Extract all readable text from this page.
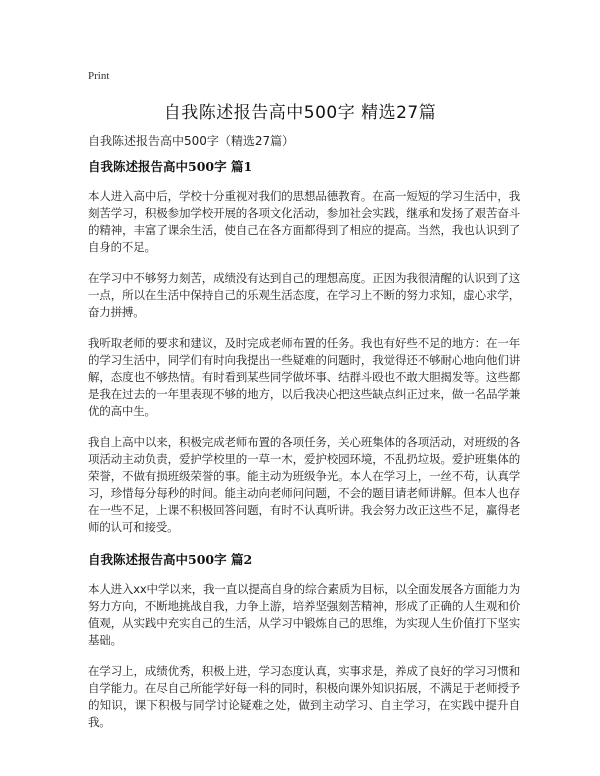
Print
自我陈述报告高中500字 精选27篇
自我陈述报告高中500字（精选27篇）
自我陈述报告高中500字 篇1

本人进入高中后，学校十分重视对我们的思想品德教育。在高一短短的学习生活中，我刻苦学习，积极参加学校开展的各项文化活动，参加社会实践，继承和发扬了艰苦奋斗的精神，丰富了课余生活，使自己在各方面都得到了相应的提高。当然，我也认识到了自身的不足。

在学习中不够努力刻苦，成绩没有达到自己的理想高度。正因为我很清醒的认识到了这一点，所以在生活中保持自己的乐观生活态度，在学习上不断的努力求知，虚心求学，奋力拼搏。

我听取老师的要求和建议，及时完成老师布置的任务。我也有好些不足的地方：在一年的学习生活中，同学们有时向我提出一些疑难的问题时，我觉得还不够耐心地向他们讲解，态度也不够热情。有时看到某些同学做坏事、结群斗殴也不敢大胆揭发等。这些都是我在过去的一年里表现不够的地方，以后我决心把这些缺点纠正过来，做一名品学兼优的高中生。

我自上高中以来，积极完成老师布置的各项任务，关心班集体的各项活动，对班级的各项活动主动负责，爱护学校里的一草一木，爱护校园环境，不乱扔垃圾。爱护班集体的荣誉，不做有损班级荣誉的事。能主动为班级争光。本人在学习上，一丝不苟，认真学习，珍惜每分每秒的时间。能主动向老师问问题，不会的题目请老师讲解。但本人也存在一些不足，上课不积极回答问题，有时不认真听讲。我会努力改正这些不足，赢得老师的认可和接受。

自我陈述报告高中500字 篇2

本人进入xx中学以来，我一直以提高自身的综合素质为目标，以全面发展各方面能力为努力方向，不断地挑战自我，力争上游，培养坚强刻苦精神，形成了正确的人生观和价值观，从实践中充实自己的生活，从学习中锻炼自己的思维，为实现人生价值打下坚实基础。

在学习上，成绩优秀，积极上进，学习态度认真，实事求是，养成了良好的学习习惯和自学能力。在尽自己所能学好每一科的同时，积极向课外知识拓展，不满足于老师授予的知识，课下积极与同学讨论疑难之处，做到主动学习、自主学习，在实践中提升自我。
